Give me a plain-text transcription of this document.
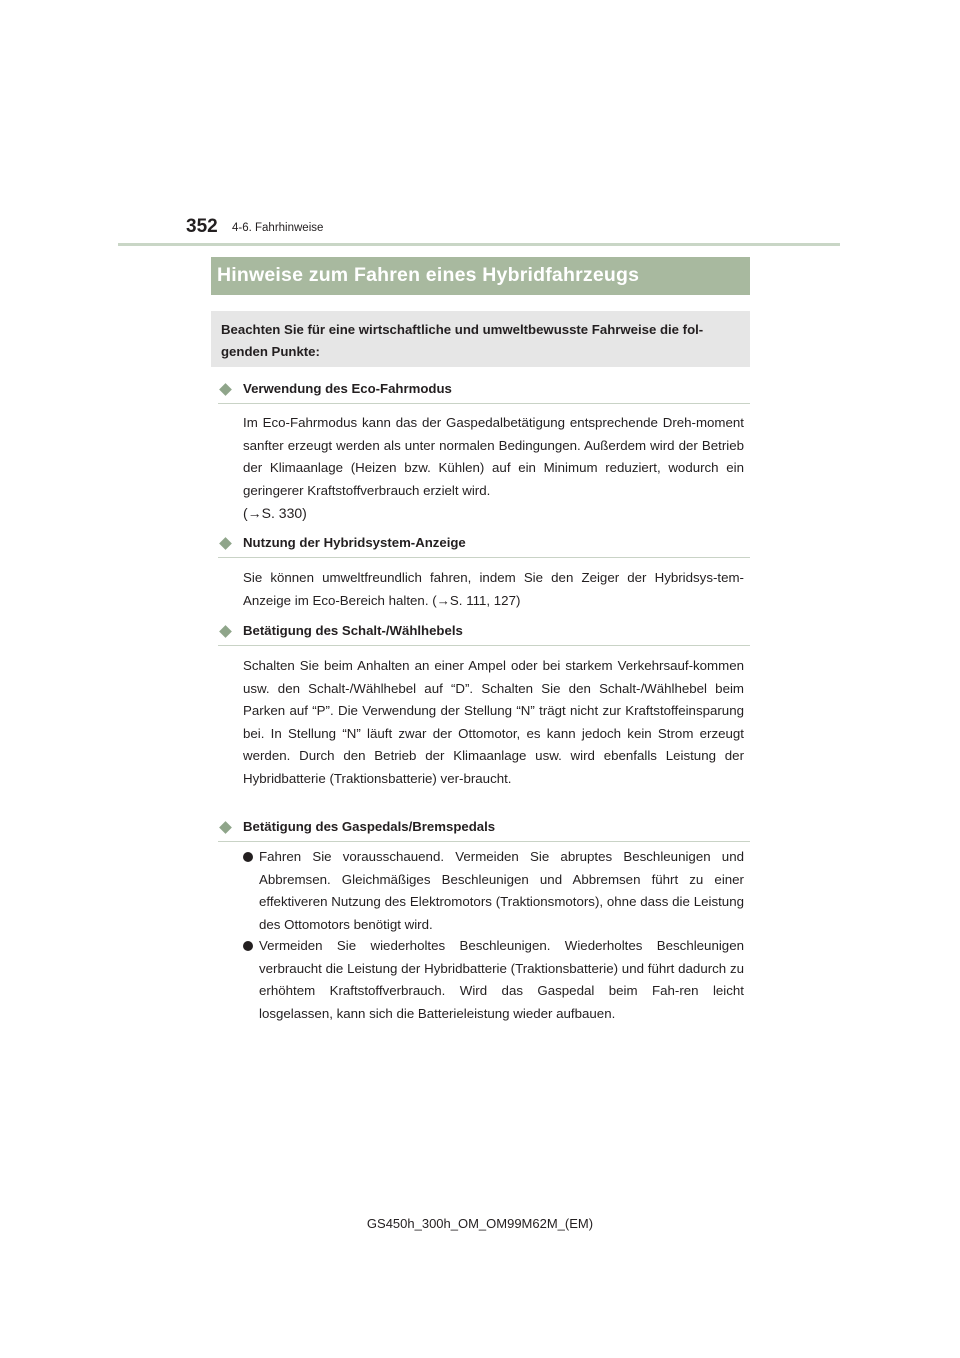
352 4-6. Fahrhinweise
Hinweise zum Fahren eines Hybridfahrzeugs
Beachten Sie für eine wirtschaftliche und umweltbewusste Fahrweise die fol-genden Punkte:
Verwendung des Eco-Fahrmodus
Im Eco-Fahrmodus kann das der Gaspedalbetätigung entsprechende Dreh-moment sanfter erzeugt werden als unter normalen Bedingungen. Außerdem wird der Betrieb der Klimaanlage (Heizen bzw. Kühlen) auf ein Minimum reduziert, wodurch ein geringerer Kraftstoffverbrauch erzielt wird.
(→S. 330)
Nutzung der Hybridsystem-Anzeige
Sie können umweltfreundlich fahren, indem Sie den Zeiger der Hybridsys-tem-Anzeige im Eco-Bereich halten. (→S. 111, 127)
Betätigung des Schalt-/Wählhebels
Schalten Sie beim Anhalten an einer Ampel oder bei starkem Verkehrsauf-kommen usw. den Schalt-/Wählhebel auf “D”. Schalten Sie den Schalt-/Wählhebel beim Parken auf “P”. Die Verwendung der Stellung “N” trägt nicht zur Kraftstoffeinsparung bei. In Stellung “N” läuft zwar der Ottomotor, es kann jedoch kein Strom erzeugt werden. Durch den Betrieb der Klimaanlage usw. wird ebenfalls Leistung der Hybridbatterie (Traktionsbatterie) ver-braucht.
Betätigung des Gaspedals/Bremspedals
Fahren Sie vorausschauend. Vermeiden Sie abruptes Beschleunigen und Abbremsen. Gleichmäßiges Beschleunigen und Abbremsen führt zu einer effektiveren Nutzung des Elektromotors (Traktionsmotors), ohne dass die Leistung des Ottomotors benötigt wird.
Vermeiden Sie wiederholtes Beschleunigen. Wiederholtes Beschleunigen verbraucht die Leistung der Hybridbatterie (Traktionsbatterie) und führt dadurch zu erhöhtem Kraftstoffverbrauch. Wird das Gaspedal beim Fah-ren leicht losgelassen, kann sich die Batterieleistung wieder aufbauen.
GS450h_300h_OM_OM99M62M_(EM)
